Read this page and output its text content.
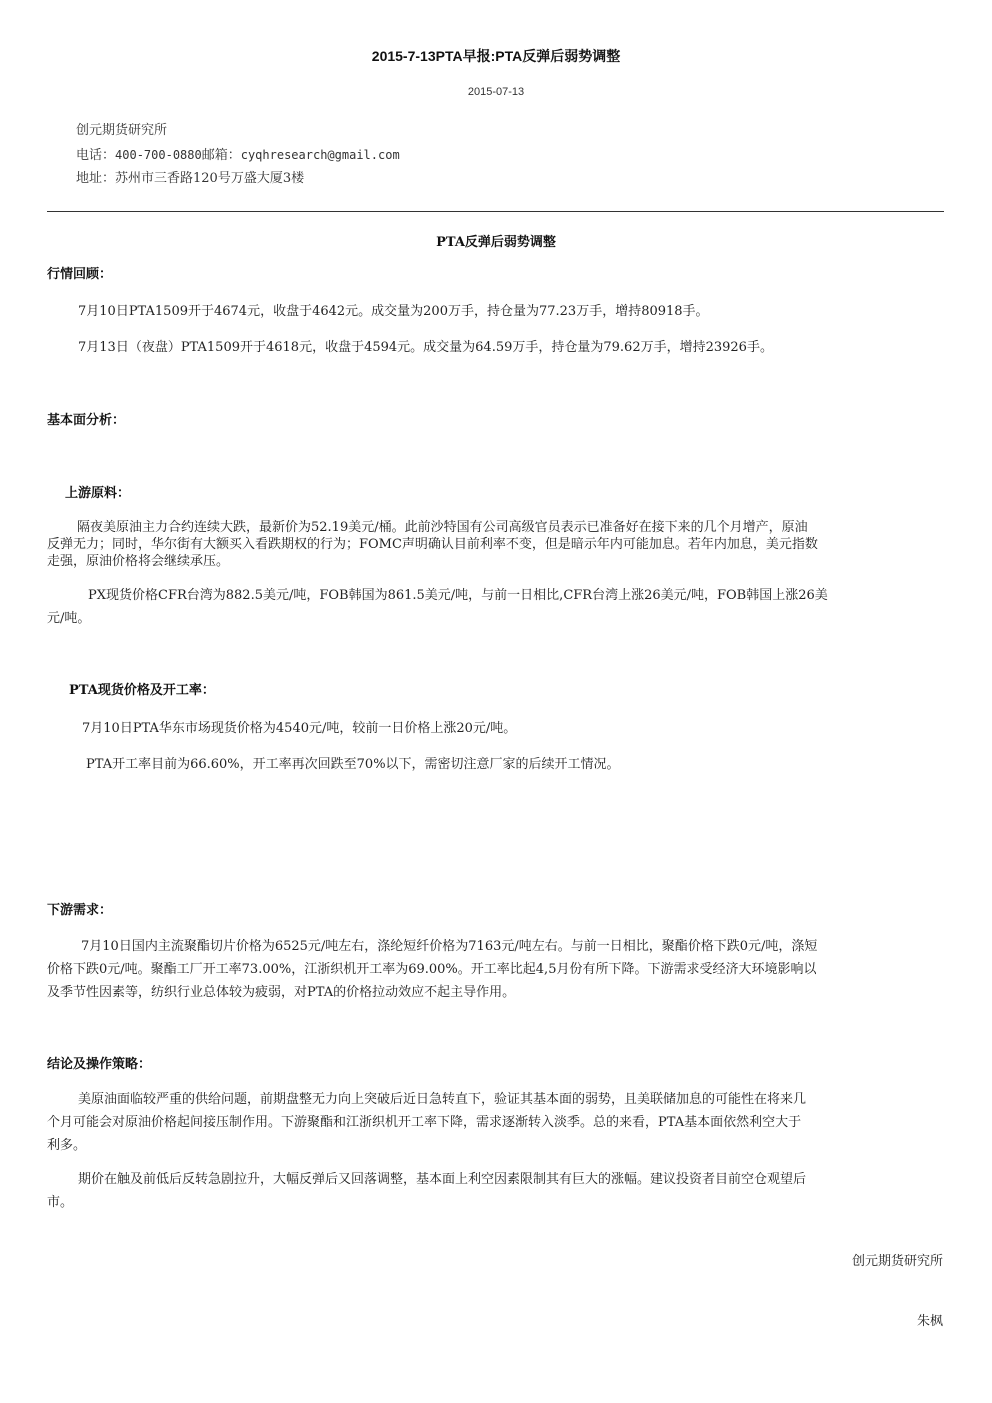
2015-7-13PTA早报:PTA反弹后弱势调整
2015-07-13
创元期货研究所
电话：400-700-0880邮箱：cyqhresearch@gmail.com
地址：苏州市三香路120号万盛大厦3楼
PTA反弹后弱势调整
行情回顾：
7月10日PTA1509开于4674元，收盘于4642元。成交量为200万手，持仓量为77.23万手，增持80918手。
7月13日（夜盘）PTA1509开于4618元，收盘于4594元。成交量为64.59万手，持仓量为79.62万手，增持23926手。
基本面分析：
上游原料：
隔夜美原油主力合约连续大跌，最新价为52.19美元/桶。此前沙特国有公司高级官员表示已准备好在接下来的几个月增产，原油
反弹无力；同时，华尔街有大额买入看跌期权的行为；FOMC声明确认目前利率不变，但是暗示年内可能加息。若年内加息，美元指数
走强，原油价格将会继续承压。
PX现货价格CFR台湾为882.5美元/吨，FOB韩国为861.5美元/吨，与前一日相比,CFR台湾上涨26美元/吨，FOB韩国上涨26美
元/吨。
PTA现货价格及开工率：
7月10日PTA华东市场现货价格为4540元/吨，较前一日价格上涨20元/吨。
PTA开工率目前为66.60%，开工率再次回跌至70%以下，需密切注意厂家的后续开工情况。
下游需求：
7月10日国内主流聚酯切片价格为6525元/吨左右，涤纶短纤价格为7163元/吨左右。与前一日相比，聚酯价格下跌0元/吨，涤短
价格下跌0元/吨。聚酯工厂开工率73.00%，江浙织机开工率为69.00%。开工率比起4,5月份有所下降。下游需求受经济大环境影响以
及季节性因素等，纺织行业总体较为疲弱，对PTA的价格拉动效应不起主导作用。
结论及操作策略：
美原油面临较严重的供给问题，前期盘整无力向上突破后近日急转直下，验证其基本面的弱势，且美联储加息的可能性在将来几
个月可能会对原油价格起间接压制作用。下游聚酯和江浙织机开工率下降，需求逐渐转入淡季。总的来看，PTA基本面依然利空大于
利多。
期价在触及前低后反转急剧拉升，大幅反弹后又回落调整，基本面上利空因素限制其有巨大的涨幅。建议投资者目前空仓观望后
市。
创元期货研究所
朱枫
